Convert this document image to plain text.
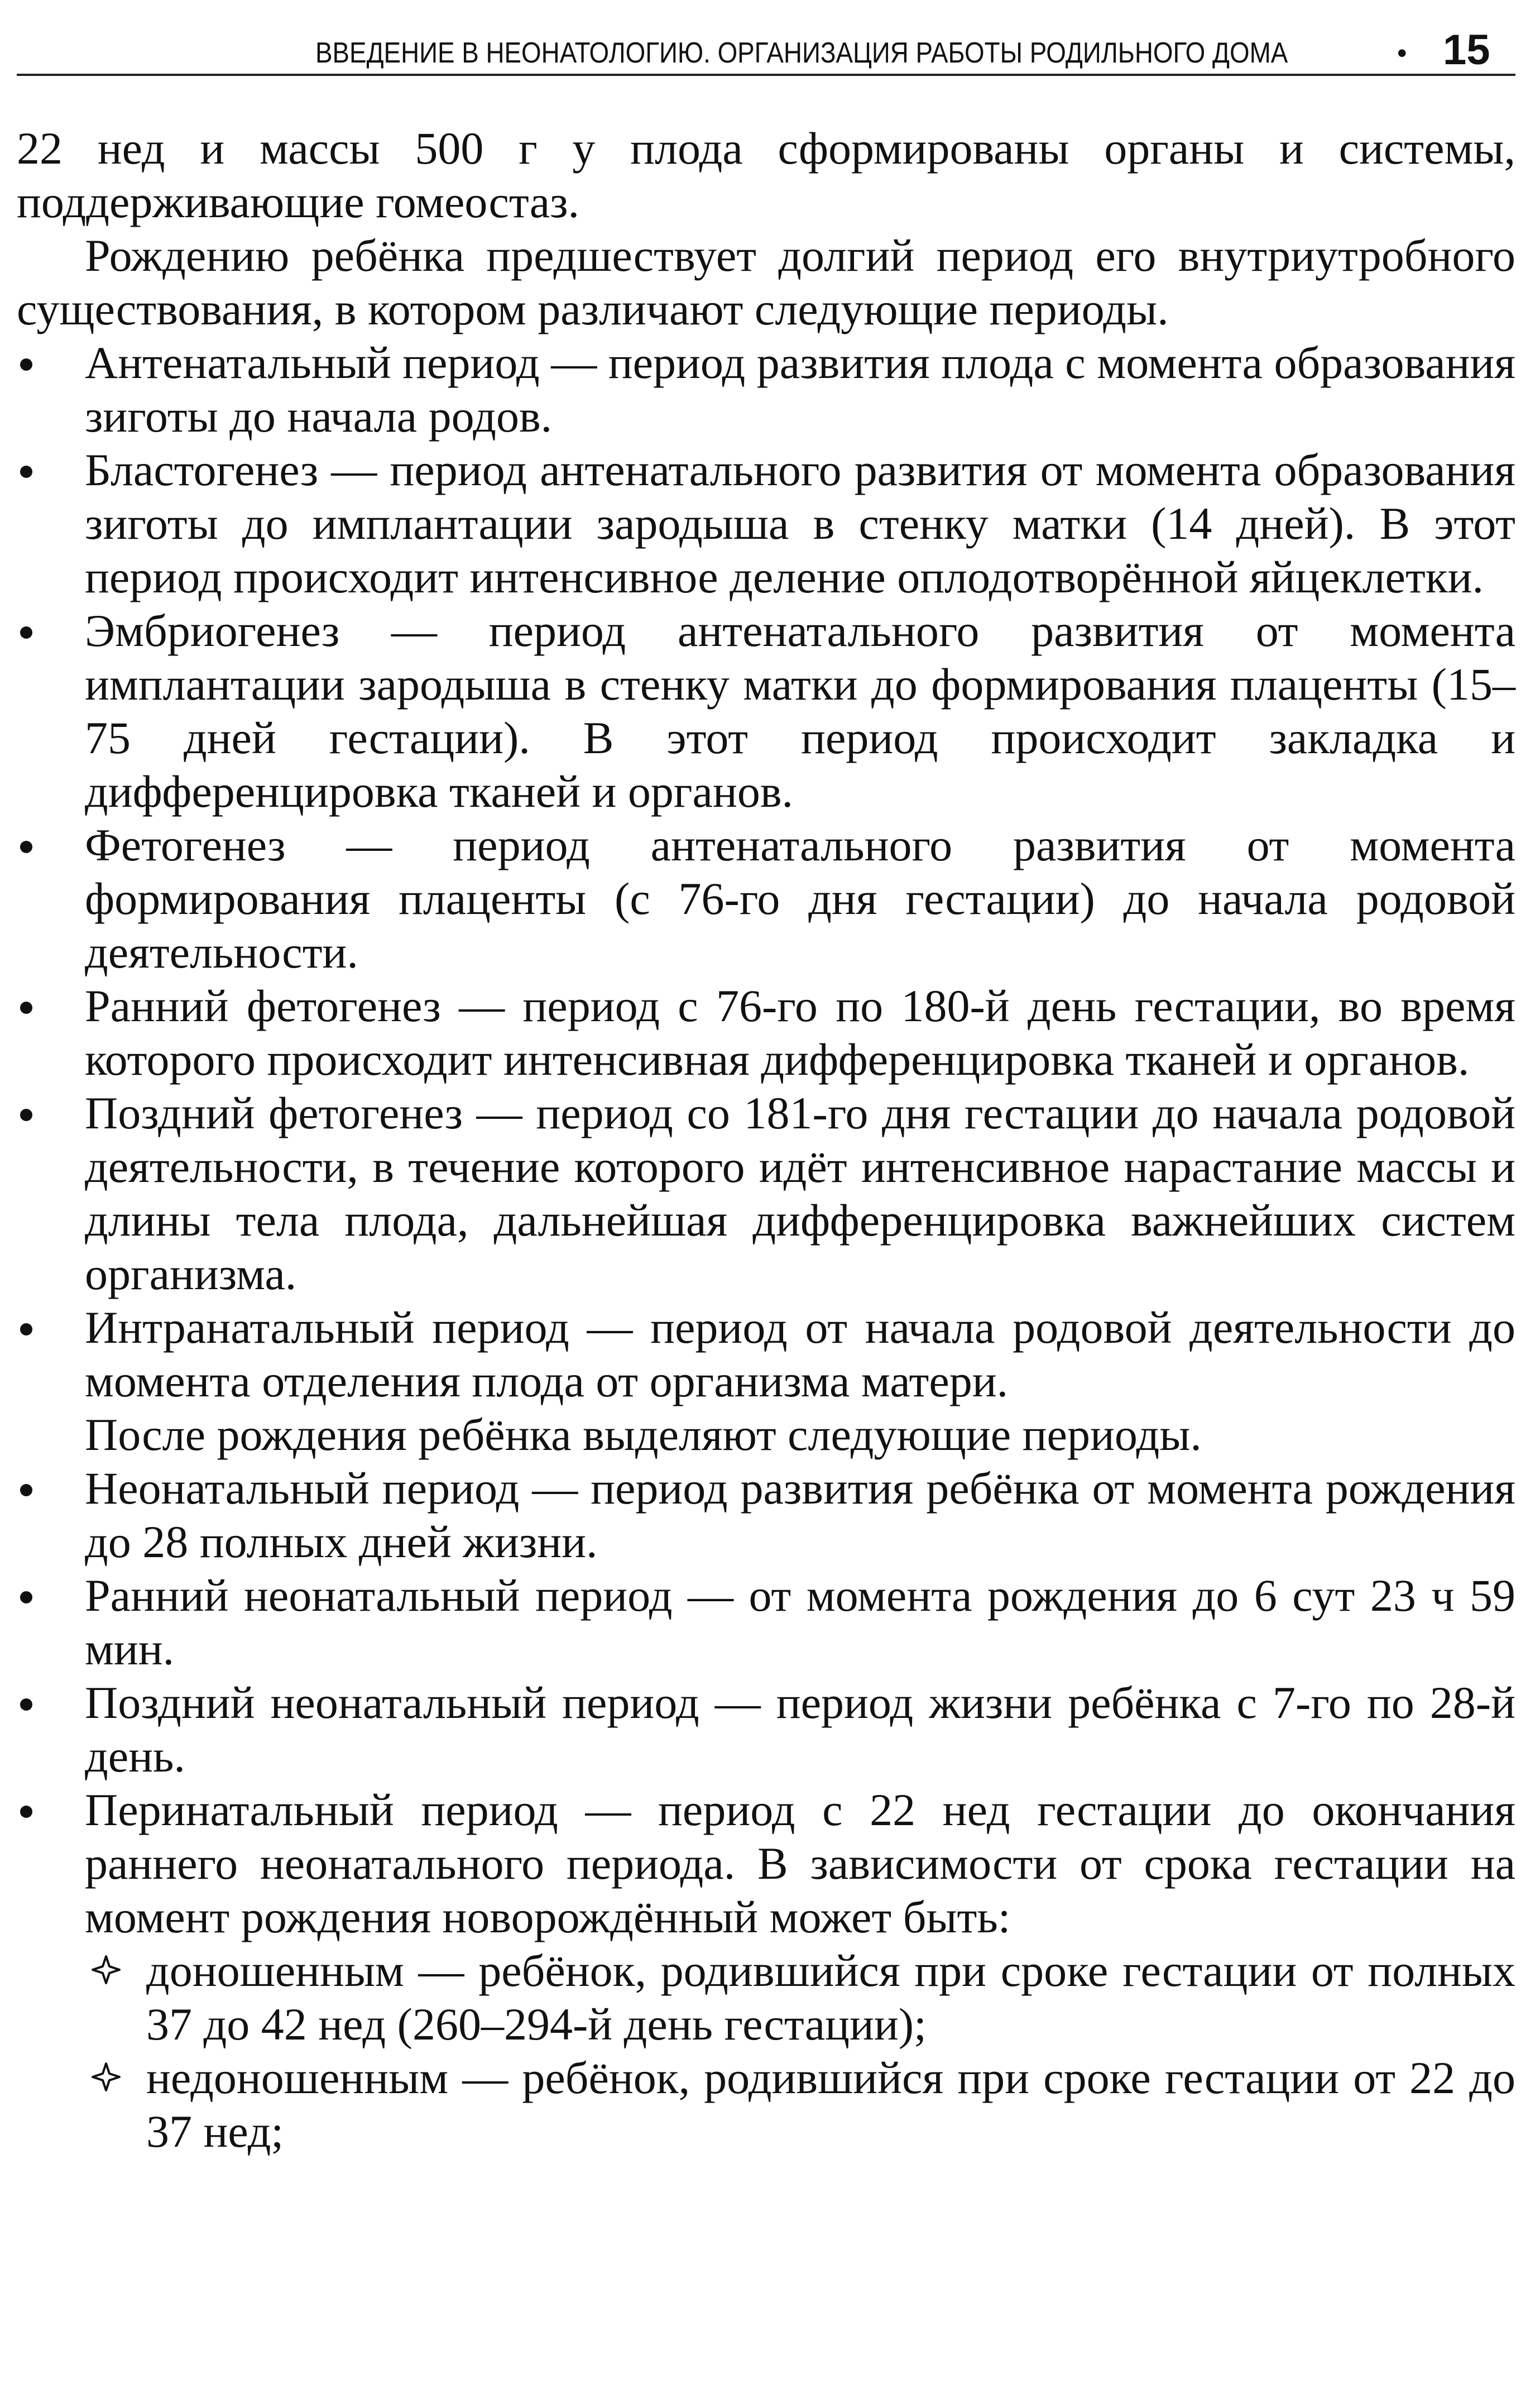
ВВЕДЕНИЕ В НЕОНАТОЛОГИЮ. ОРГАНИЗАЦИЯ РАБОТЫ РОДИЛЬНОГО ДОМА	• 15

22 нед и массы 500 г у плода сформированы органы и системы, поддерживающие гомеостаз.

Рождению ребёнка предшествует долгий период его внутриутробного существования, в котором различают следующие периоды.

Антенатальный период — период развития плода с момента образования зиготы до начала родов.
Бластогенез — период антенатального развития от момента образования зиготы до имплантации зародыша в стенку матки (14 дней). В этот период происходит интенсивное деление оплодотворённой яйцеклетки.
Эмбриогенез — период антенатального развития от момента имплантации зародыша в стенку матки до формирования плаценты (15–75 дней гестации). В этот период происходит закладка и дифференцировка тканей и органов.
Фетогенез — период антенатального развития от момента формирования плаценты (с 76-го дня гестации) до начала родовой деятельности.
Ранний фетогенез — период с 76-го по 180-й день гестации, во время которого происходит интенсивная дифференцировка тканей и органов.
Поздний фетогенез — период со 181-го дня гестации до начала родовой деятельности, в течение которого идёт интенсивное нарастание массы и длины тела плода, дальнейшая дифференцировка важнейших систем организма.
Интранатальный период — период от начала родовой деятельности до момента отделения плода от организма матери.

После рождения ребёнка выделяют следующие периоды.

Неонатальный период — период развития ребёнка от момента рождения до 28 полных дней жизни.
Ранний неонатальный период — от момента рождения до 6 сут 23 ч 59 мин.
Поздний неонатальный период — период жизни ребёнка с 7-го по 28-й день.
Перинатальный период — период с 22 нед гестации до окончания раннего неонатального периода. В зависимости от срока гестации на момент рождения новорождённый может быть:
доношенным — ребёнок, родившийся при сроке гестации от полных 37 до 42 нед (260–294-й день гестации);
недоношенным — ребёнок, родившийся при сроке гестации от 22 до 37 нед;
